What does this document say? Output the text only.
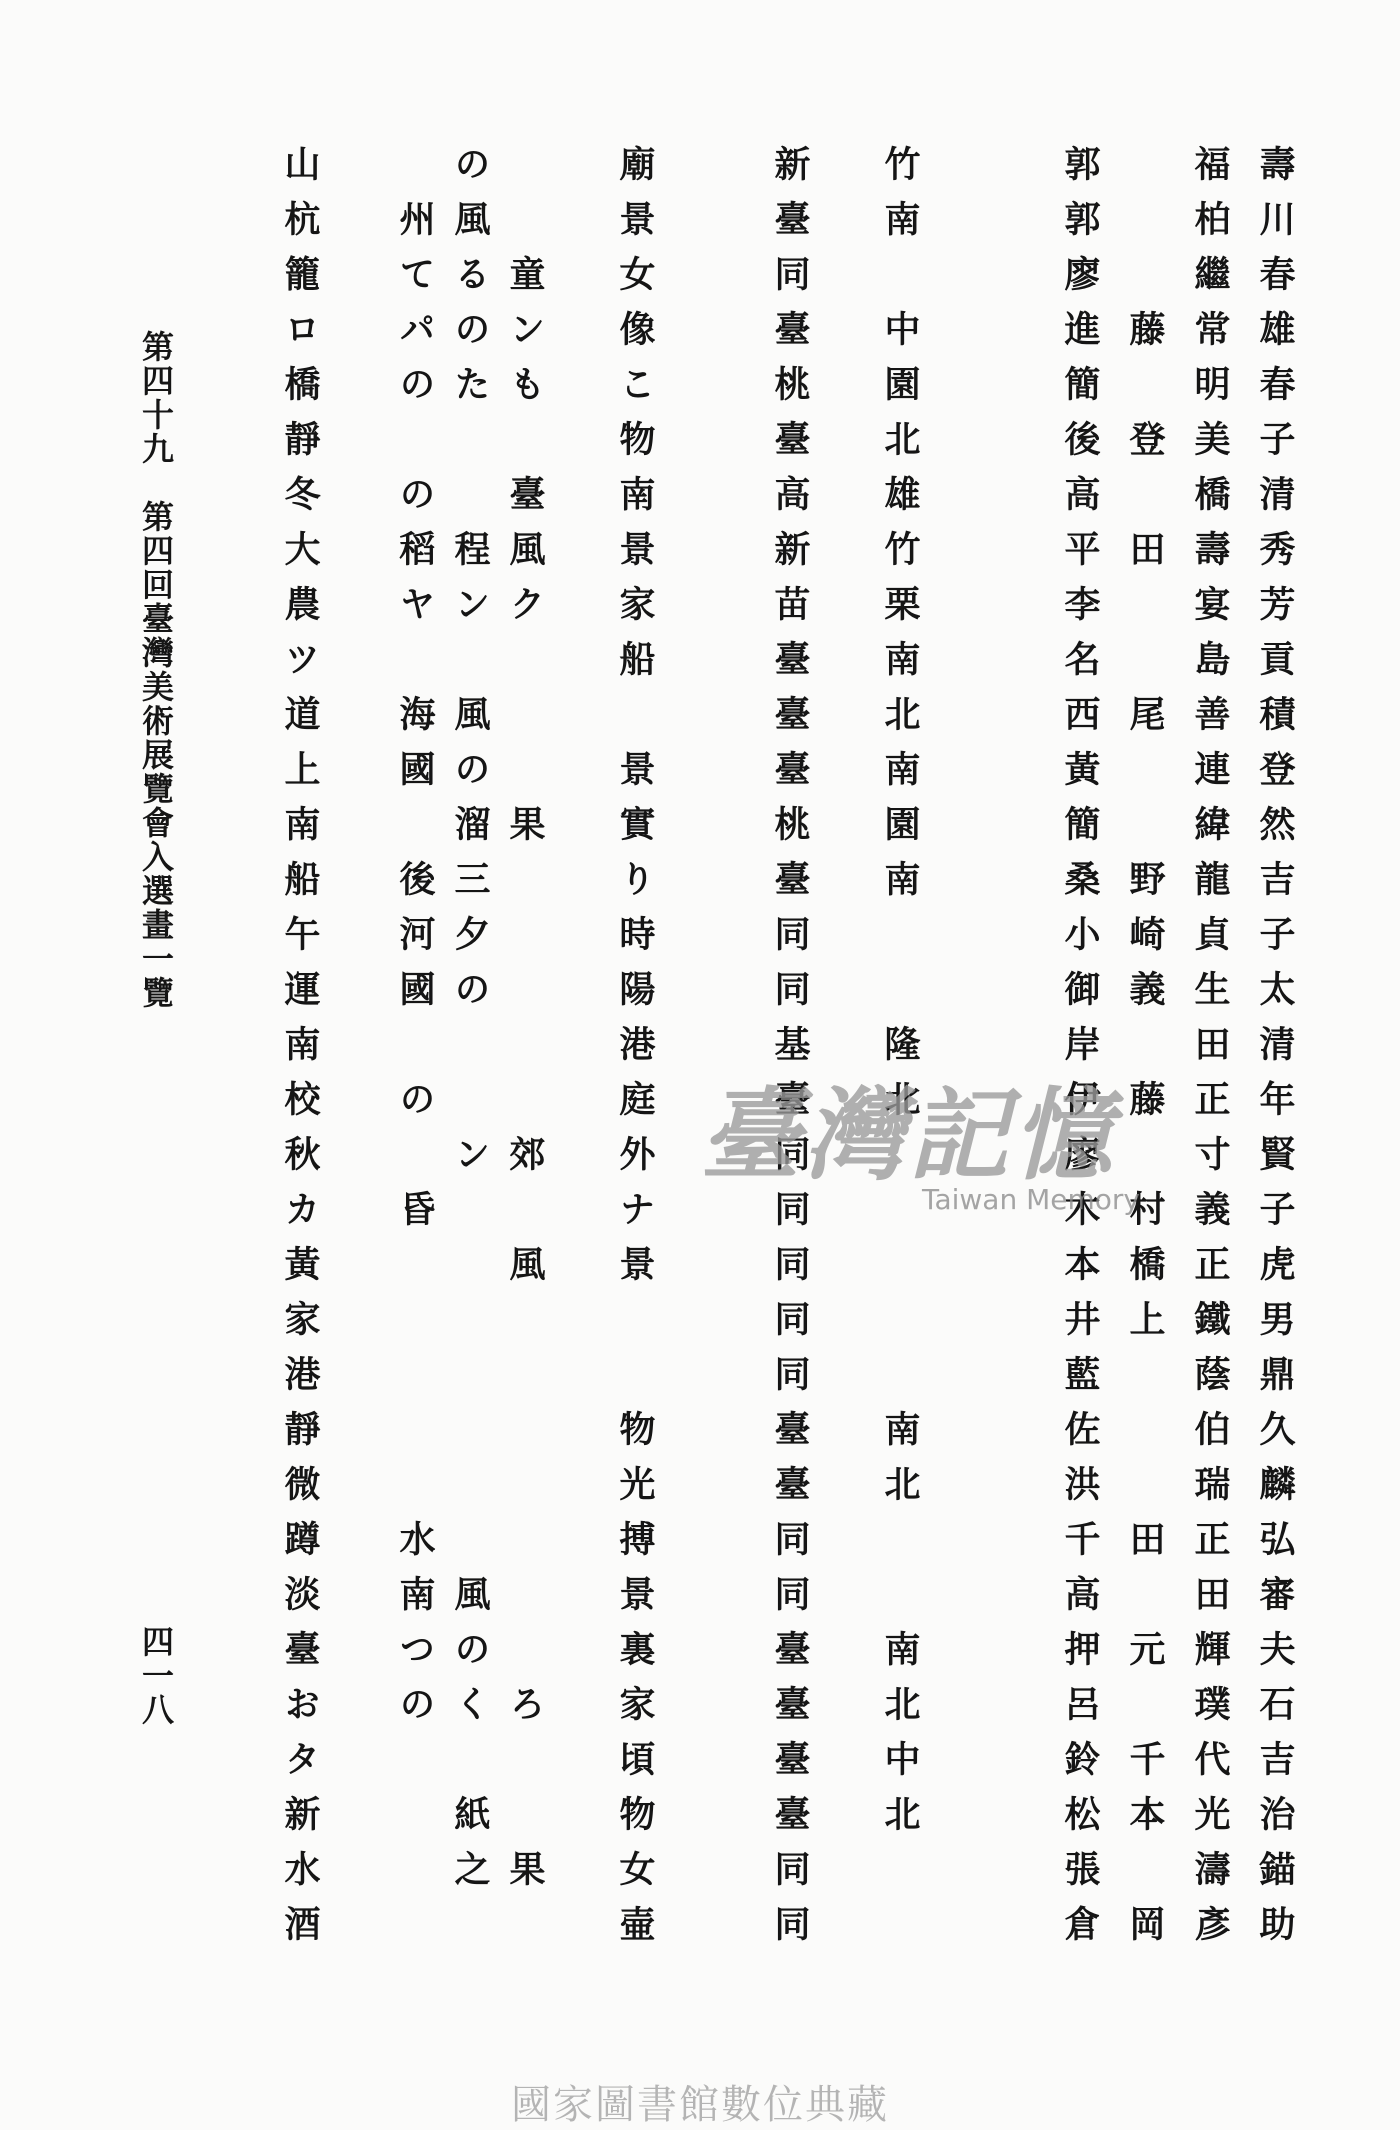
壽川春雄春子清秀芳貢積登然吉子太清年賢子虎男鼎久麟弘審夫石吉治錨助
福柏繼常明美橋壽宴島善連緯龍貞生田正寸義正鐵蔭伯瑞正田輝璞代光濤彥
　　　藤　登　田　　尾　　野崎義　藤　村橋上　　　田　元　千本　岡
郭郭廖進簡後高平李名西黃簡桑小御岸伊廖木本井藍佐洪千高押呂鈴松張倉
竹南　中園北雄竹栗南北南園南　　隆北　　　　　南北　　南北中北　　
新臺同臺桃臺高新苗臺臺臺桃臺同同基臺同同同同同臺臺同同臺臺臺臺同同
廟景女像こ物南景家船　景實り時陽港庭外ナ景　　物光搏景裏家頃物女壷
　　童ンも　臺風ク　　　果　　　　　郊　風　　　　　　　ろ　　果　　
の風るのた　　程ン　風の溜三夕の　　ン　　　　　　　風のく　紙之
　州てパの　の稻ヤ　海國　後河國　の　昏　　　　　水南つの
山杭籠ロ橋靜冬大農ツ道上南船午運南校秋カ黃家港靜微蹲淡臺おタ新水酒
第四十九　第四回臺灣美術展覽會入選畫一覽
四一八
臺灣記憶
Taiwan Memory
國家圖書館數位典藏
